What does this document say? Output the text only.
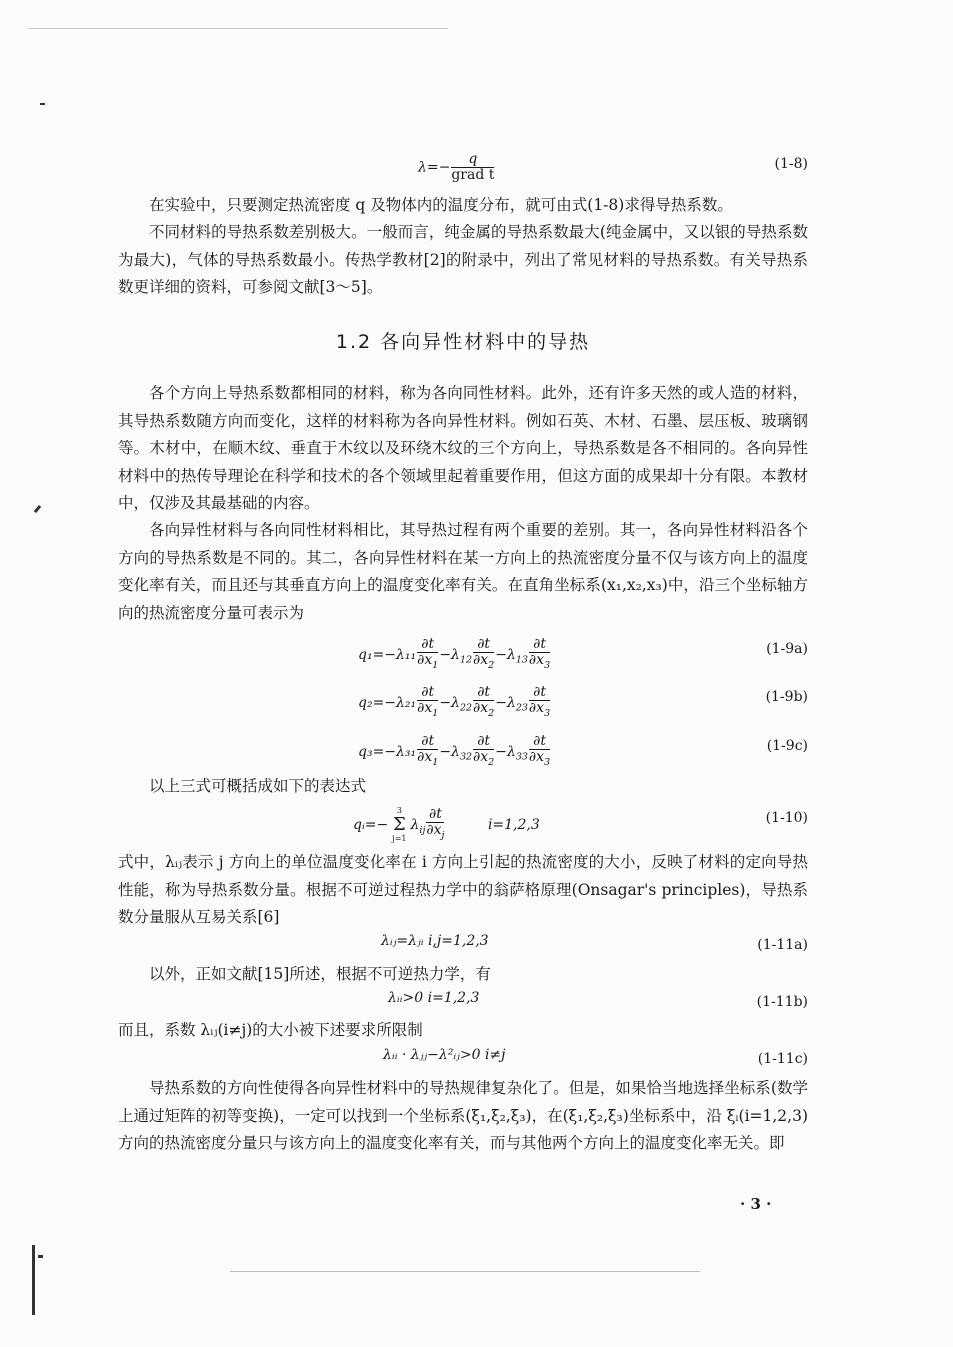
$\lambda=- \frac{q}{\text{grad t}}$	(1-8)

在实验中，只要测定热流密度 q 及物体内的温度分布，就可由式(1-8)求得导热系数。

不同材料的导热系数差别极大。一般而言，纯金属的导热系数最大(纯金属中，又以银的导热系数为最大)，气体的导热系数最小。传热学教材[2]的附录中，列出了常见材料的导热系数。有关导热系数更详细的资料，可参阅文献[3～5]。

1.2 各向异性材料中的导热

各个方向上导热系数都相同的材料，称为各向同性材料。此外，还有许多天然的或人造的材料，其导热系数随方向而变化，这样的材料称为各向异性材料。例如石英、木材、石墨、层压板、玻璃钢等。木材中，在顺木纹、垂直于木纹以及环绕木纹的三个方向上，导热系数是各不相同的。各向异性材料中的热传导理论在科学和技术的各个领域里起着重要作用，但这方面的成果却十分有限。本教材中，仅涉及其最基础的内容。

各向异性材料与各向同性材料相比，其导热过程有两个重要的差别。其一，各向异性材料沿各个方向的导热系数是不同的。其二，各向异性材料在某一方向上的热流密度分量不仅与该方向上的温度变化率有关，而且还与其垂直方向上的温度变化率有关。在直角坐标系(x₁,x₂,x₃)中，沿三个坐标轴方向的热流密度分量可表示为

$q_1=-\lambda_{11} \frac{\partial t}{\partial x_1} -\lambda_{12} \frac{\partial t}{\partial x_2} -\lambda_{13} \frac{\partial t}{\partial x_3}$	(1-9a)
$q_2=-\lambda_{21} \frac{\partial t}{\partial x_1} -\lambda_{22} \frac{\partial t}{\partial x_2} -\lambda_{23} \frac{\partial t}{\partial x_3}$	(1-9b)
$q_3=-\lambda_{31} \frac{\partial t}{\partial x_1} -\lambda_{32} \frac{\partial t}{\partial x_2} -\lambda_{33} \frac{\partial t}{\partial x_3}$	(1-9c)

以上三式可概括成如下的表达式

qᵢ=−
3
Σ
j=1
$\lambda_{ij} \frac{\partial t}{\partial x_j}$	i=1,2,3	(1-10)

式中，λᵢⱼ表示 j 方向上的单位温度变化率在 i 方向上引起的热流密度的大小，反映了材料的定向导热性能，称为导热系数分量。根据不可逆过程热力学中的翁萨格原理(Onsagar's principles)，导热系数分量服从互易关系[6]

λᵢⱼ=λⱼᵢ i,j=1,2,3	(1-11a)

以外，正如文献[15]所述，根据不可逆热力学，有

λᵢᵢ>0 i=1,2,3	(1-11b)

而且，系数 λᵢⱼ(i≠j)的大小被下述要求所限制

λᵢᵢ · λⱼⱼ−λ²ᵢⱼ>0 i≠j	(1-11c)

导热系数的方向性使得各向异性材料中的导热规律复杂化了。但是，如果恰当地选择坐标系(数学上通过矩阵的初等变换)，一定可以找到一个坐标系(ξ₁,ξ₂,ξ₃)，在(ξ₁,ξ₂,ξ₃)坐标系中，沿 ξᵢ(i=1,2,3)方向的热流密度分量只与该方向上的温度变化率有关，而与其他两个方向上的温度变化率无关。即

· 3 ·
